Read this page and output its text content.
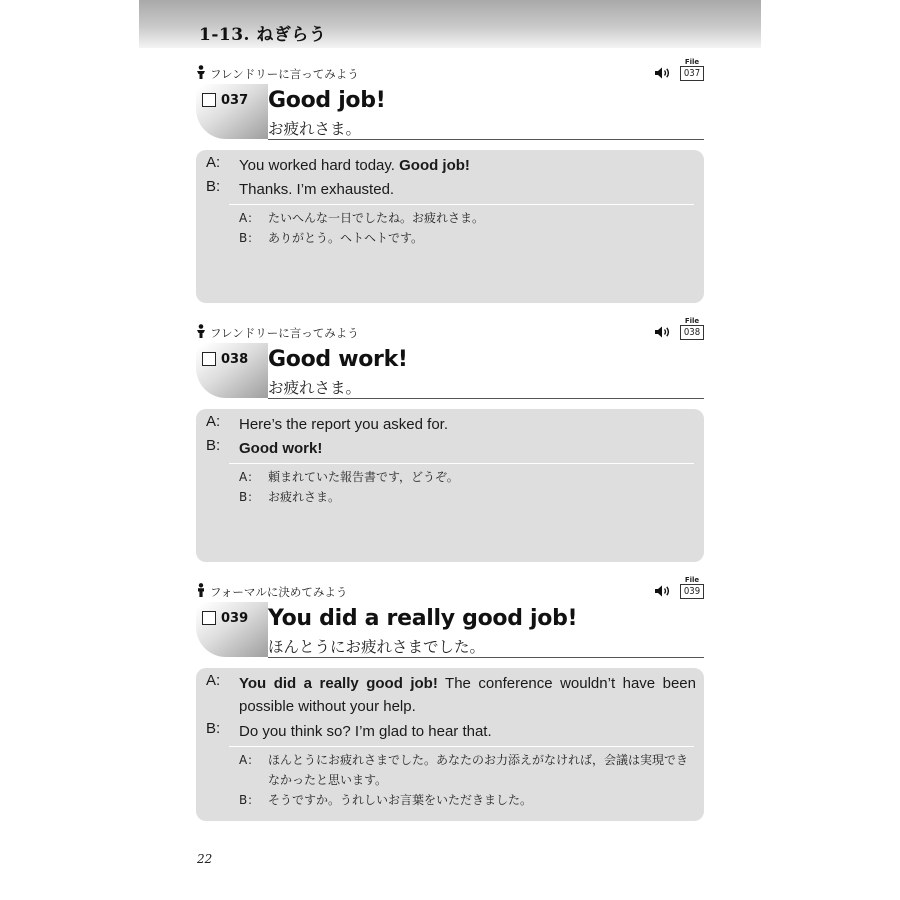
1-13. ねぎらう
フレンドリーに言ってみよう
File
037
037 Good job!
お疲れさま。
A: You worked hard today. Good job!
B: Thanks. I’m exhausted.
A： たいへんな一日でしたね。お疲れさま。
B： ありがとう。ヘトヘトです。
フレンドリーに言ってみよう
File
038
038 Good work!
お疲れさま。
A: Here’s the report you asked for.
B: Good work!
A： 頼まれていた報告書です，どうぞ。
B： お疲れさま。
フォーマルに決めてみよう
File
039
039 You did a really good job!
ほんとうにお疲れさまでした。
A: You did a really good job! The conference wouldn’t have been possible without your help.
B: Do you think so? I’m glad to hear that.
A： ほんとうにお疲れさまでした。あなたのお力添えがなければ，会議は実現できなかったと思います。
B： そうですか。うれしいお言葉をいただきました。
22
